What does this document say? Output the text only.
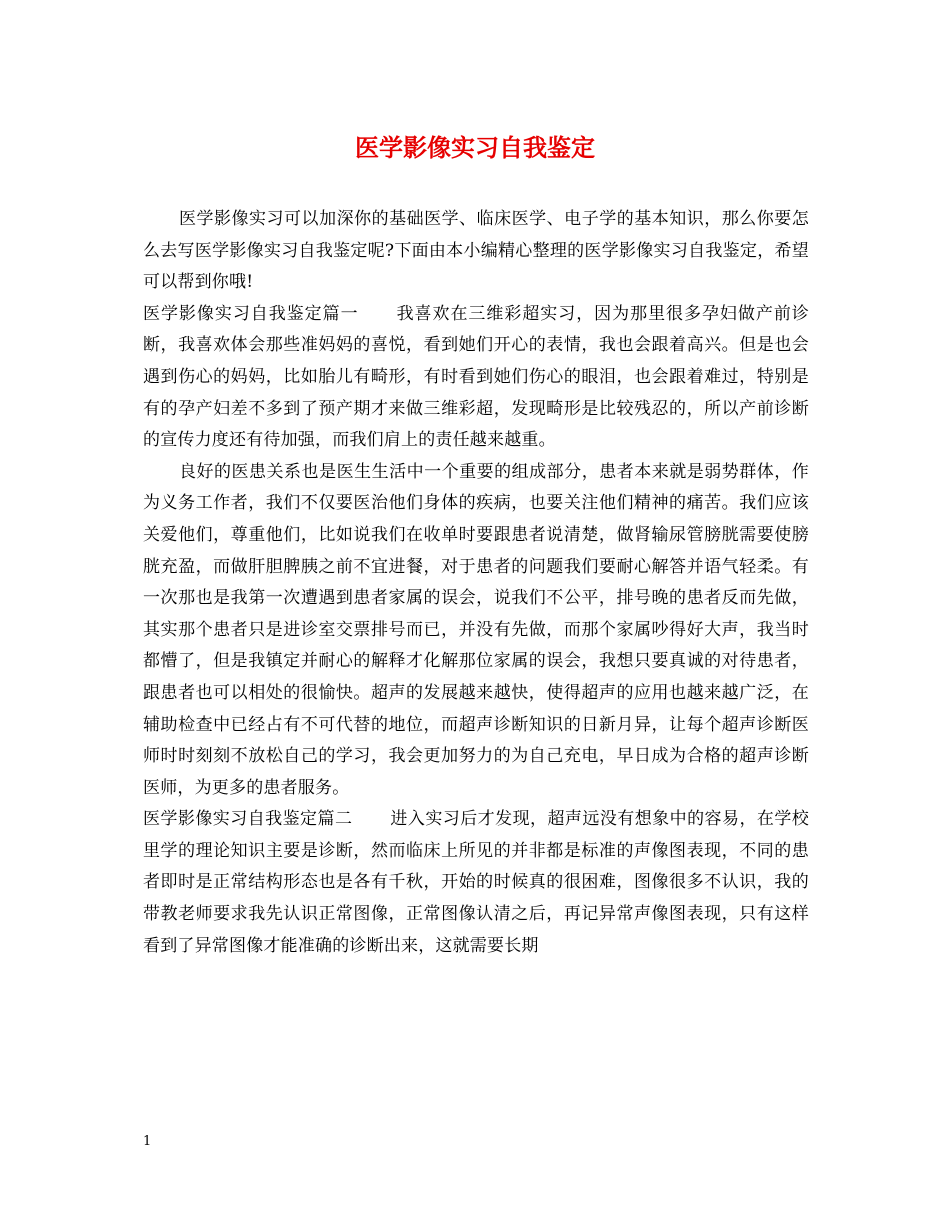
医学影像实习自我鉴定

医学影像实习可以加深你的基础医学、临床医学、电子学的基本知识，那么你要怎么去写医学影像实习自我鉴定呢?下面由本小编精心整理的医学影像实习自我鉴定，希望可以帮到你哦!

医学影像实习自我鉴定篇一 我喜欢在三维彩超实习，因为那里很多孕妇做产前诊断，我喜欢体会那些准妈妈的喜悦，看到她们开心的表情，我也会跟着高兴。但是也会遇到伤心的妈妈，比如胎儿有畸形，有时看到她们伤心的眼泪，也会跟着难过，特别是有的孕产妇差不多到了预产期才来做三维彩超，发现畸形是比较残忍的，所以产前诊断的宣传力度还有待加强，而我们肩上的责任越来越重。

良好的医患关系也是医生生活中一个重要的组成部分，患者本来就是弱势群体，作为义务工作者，我们不仅要医治他们身体的疾病，也要关注他们精神的痛苦。我们应该关爱他们，尊重他们，比如说我们在收单时要跟患者说清楚，做肾输尿管膀胱需要使膀胱充盈，而做肝胆脾胰之前不宜进餐，对于患者的问题我们要耐心解答并语气轻柔。有一次那也是我第一次遭遇到患者家属的误会，说我们不公平，排号晚的患者反而先做，其实那个患者只是进诊室交票排号而已，并没有先做，而那个家属吵得好大声，我当时都懵了，但是我镇定并耐心的解释才化解那位家属的误会，我想只要真诚的对待患者，跟患者也可以相处的很愉快。超声的发展越来越快，使得超声的应用也越来越广泛，在辅助检查中已经占有不可代替的地位，而超声诊断知识的日新月异，让每个超声诊断医师时时刻刻不放松自己的学习，我会更加努力的为自己充电，早日成为合格的超声诊断医师，为更多的患者服务。

医学影像实习自我鉴定篇二 进入实习后才发现，超声远没有想象中的容易，在学校里学的理论知识主要是诊断，然而临床上所见的并非都是标准的声像图表现，不同的患者即时是正常结构形态也是各有千秋，开始的时候真的很困难，图像很多不认识，我的带教老师要求我先认识正常图像，正常图像认清之后，再记异常声像图表现，只有这样看到了异常图像才能准确的诊断出来，这就需要长期

1
